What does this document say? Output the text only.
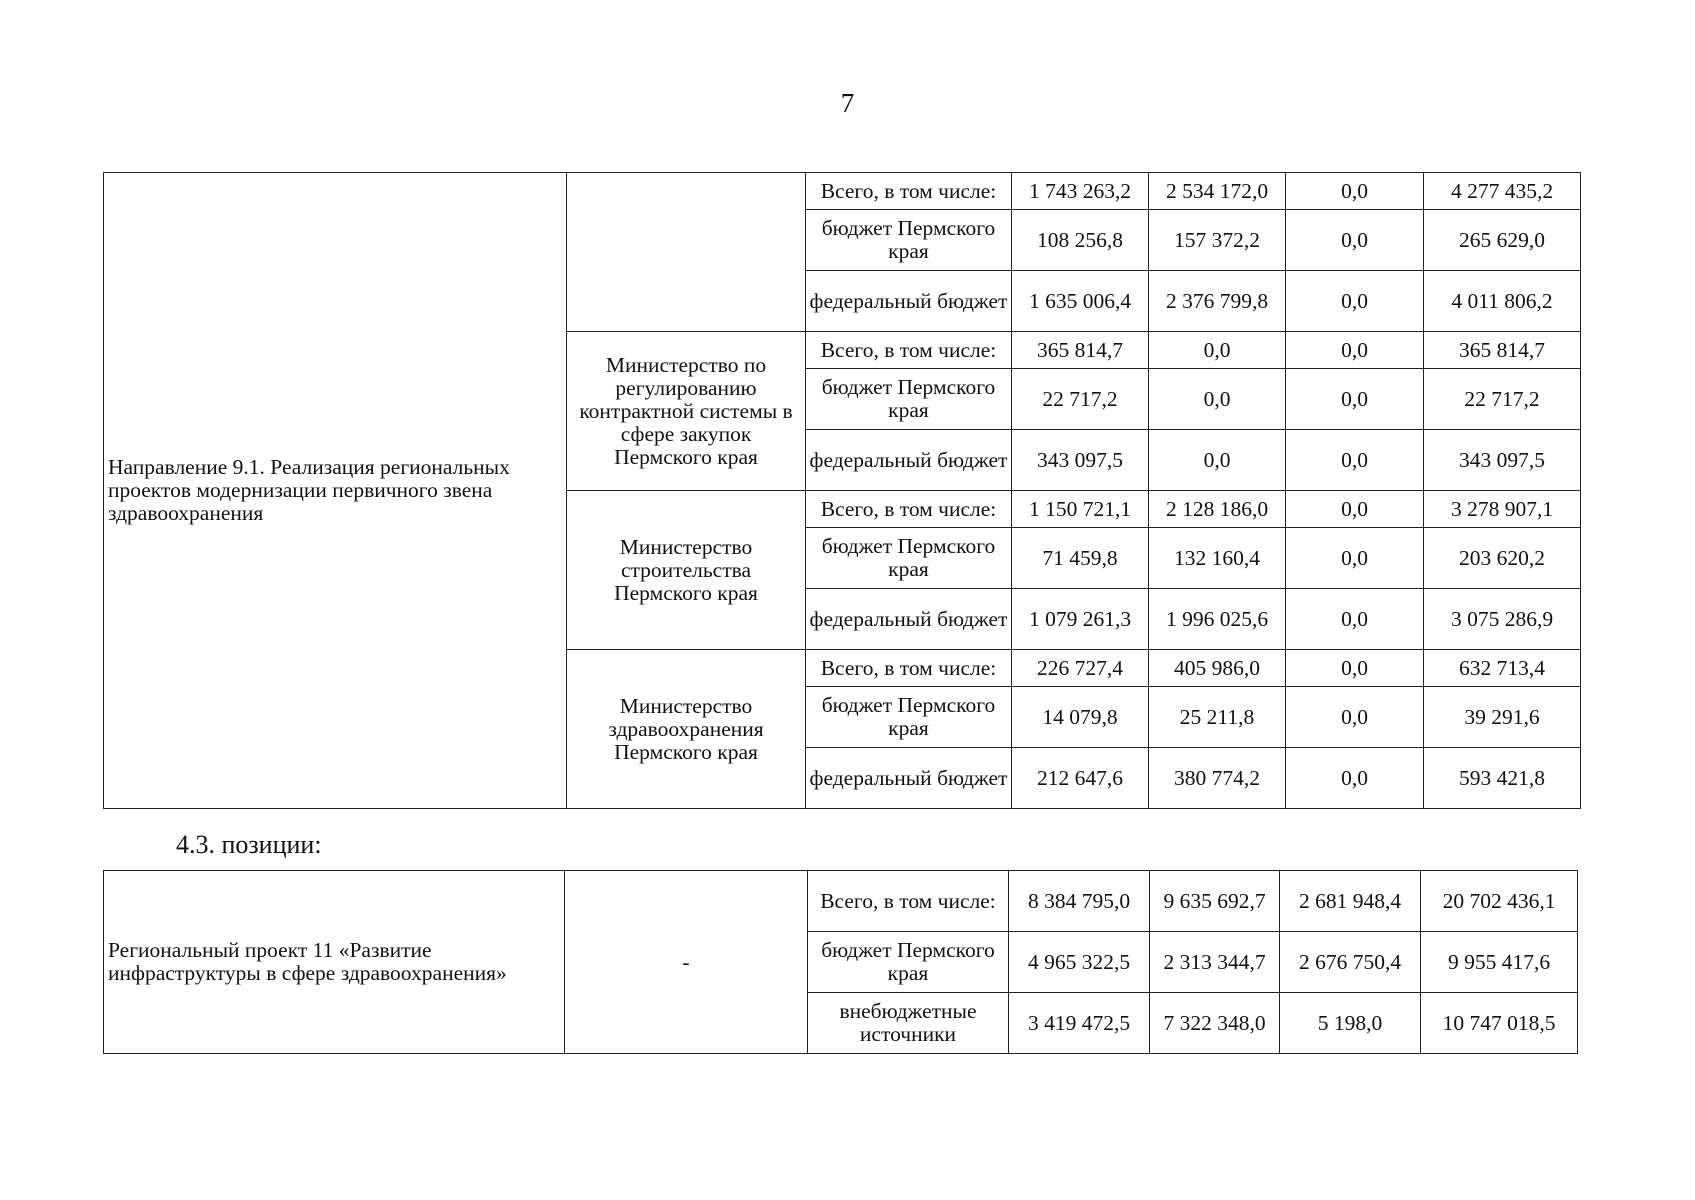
7
Направление 9.1. Реализация региональных проектов модернизации первичного звена здравоохранения		Всего, в том числе:	1 743 263,2	2 534 172,0	0,0	4 277 435,2
		бюджет Пермского края	108 256,8	157 372,2	0,0	265 629,0
		федеральный бюджет	1 635 006,4	2 376 799,8	0,0	4 011 806,2
	Министерство по регулированию контрактной системы в сфере закупок Пермского края	Всего, в том числе:	365 814,7	0,0	0,0	365 814,7
		бюджет Пермского края	22 717,2	0,0	0,0	22 717,2
		федеральный бюджет	343 097,5	0,0	0,0	343 097,5
	Министерство строительства Пермского края	Всего, в том числе:	1 150 721,1	2 128 186,0	0,0	3 278 907,1
		бюджет Пермского края	71 459,8	132 160,4	0,0	203 620,2
		федеральный бюджет	1 079 261,3	1 996 025,6	0,0	3 075 286,9
	Министерство здравоохранения Пермского края	Всего, в том числе:	226 727,4	405 986,0	0,0	632 713,4
		бюджет Пермского края	14 079,8	25 211,8	0,0	39 291,6
		федеральный бюджет	212 647,6	380 774,2	0,0	593 421,8
4.3. позиции:
Региональный проект 11 «Развитие инфраструктуры в сфере здравоохранения»	-	Всего, в том числе:	8 384 795,0	9 635 692,7	2 681 948,4	20 702 436,1
		бюджет Пермского края	4 965 322,5	2 313 344,7	2 676 750,4	9 955 417,6
		внебюджетные источники	3 419 472,5	7 322 348,0	5 198,0	10 747 018,5
